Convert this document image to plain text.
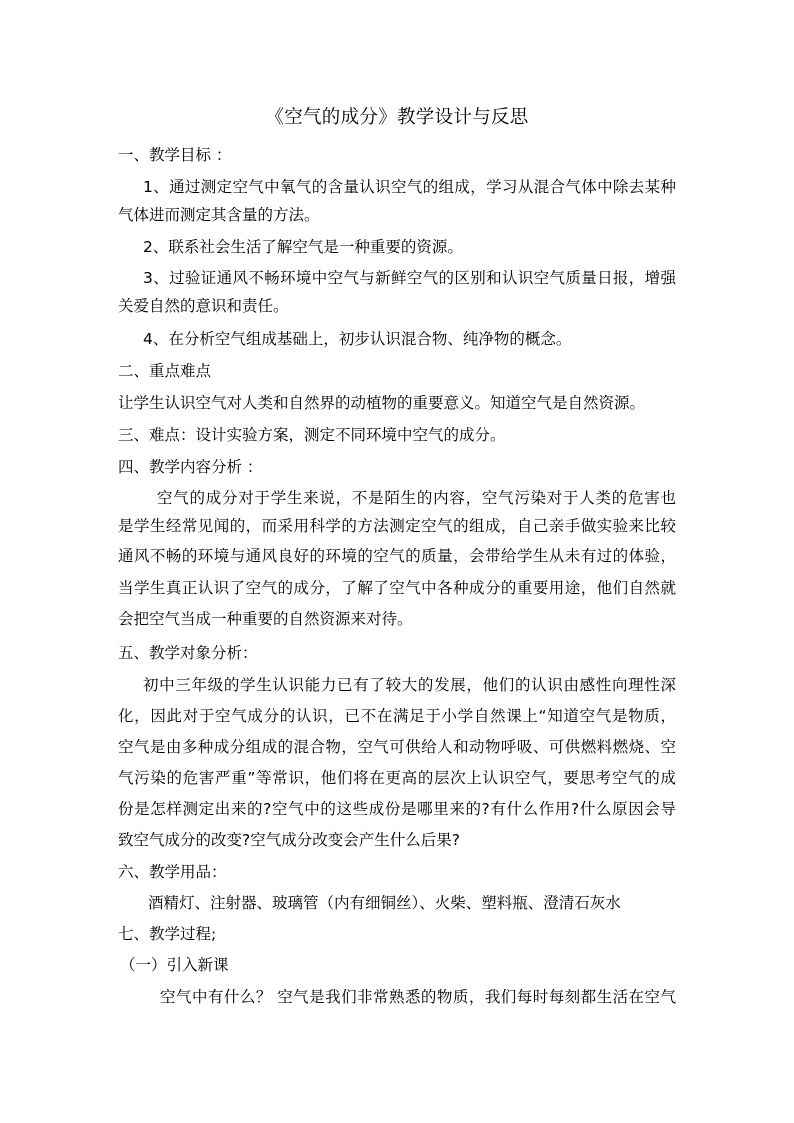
《空气的成分》教学设计与反思
一、教学目标 ：
1、通过测定空气中氧气的含量认识空气的组成，学习从混合气体中除去某种
气体进而测定其含量的方法。
2、联系社会生活了解空气是一种重要的资源。
3、过验证通风不畅环境中空气与新鲜空气的区别和认识空气质量日报，增强
关爱自然的意识和责任。
4、在分析空气组成基础上，初步认识混合物、纯净物的概念。
二、重点难点
让学生认识空气对人类和自然界的动植物的重要意义。知道空气是自然资源。
三、难点：设计实验方案，测定不同环境中空气的成分。
四、教学内容分析 ：
空气的成分对于学生来说，不是陌生的内容，空气污染对于人类的危害也
是学生经常见闻的，而采用科学的方法测定空气的组成，自己亲手做实验来比较
通风不畅的环境与通风良好的环境的空气的质量，会带给学生从未有过的体验，
当学生真正认识了空气的成分，了解了空气中各种成分的重要用途，他们自然就
会把空气当成一种重要的自然资源来对待。
五、教学对象分析：
初中三年级的学生认识能力已有了较大的发展，他们的认识由感性向理性深
化，因此对于空气成分的认识，已不在满足于小学自然课上“知道空气是物质，
空气是由多种成分组成的混合物，空气可供给人和动物呼吸、可供燃料燃烧、空
气污染的危害严重”等常识，他们将在更高的层次上认识空气，要思考空气的成
份是怎样测定出来的?空气中的这些成份是哪里来的?有什么作用?什么原因会导
致空气成分的改变?空气成分改变会产生什么后果?
六、教学用品：
酒精灯、注射器、玻璃管（内有细铜丝）、火柴、塑料瓶、澄清石灰水
七、教学过程;
（一）引入新课
空气中有什么？ 空气是我们非常熟悉的物质，我们每时每刻都生活在空气
